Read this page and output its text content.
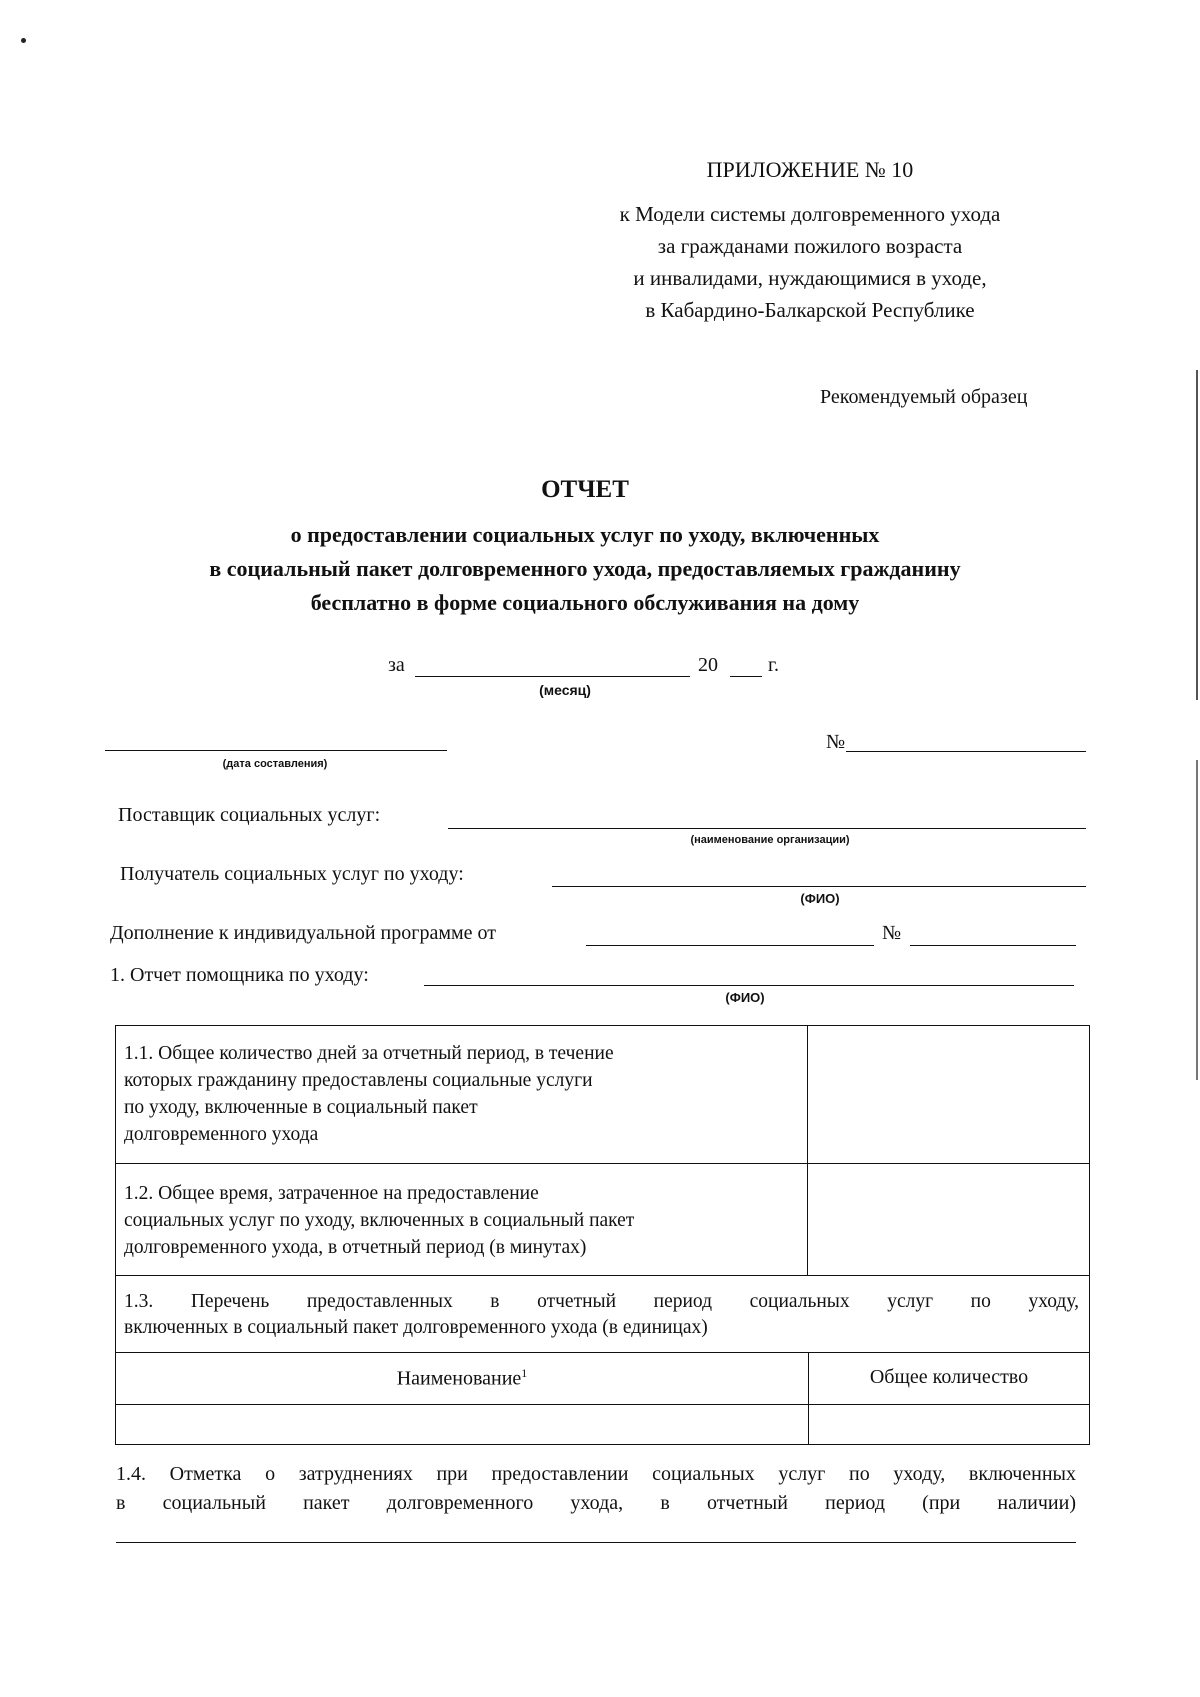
ПРИЛОЖЕНИЕ № 10
к Модели системы долговременного ухода
за гражданами пожилого возраста
и инвалидами, нуждающимися в уходе,
в Кабардино-Балкарской Республике
Рекомендуемый образец
ОТЧЕТ
о предоставлении социальных услуг по уходу, включенных
в социальный пакет долговременного ухода, предоставляемых гражданину
бесплатно в форме социального обслуживания на дому
за	20	г.
(месяц)
(дата составления)
№
Поставщик социальных услуг:
(наименование организации)
Получатель социальных услуг по уходу:
(ФИО)
Дополнение к индивидуальной программе от	№
1. Отчет помощника по уходу:
(ФИО)
1.1. Общее количество дней за отчетный период, в течение
которых гражданину предоставлены социальные услуги
по уходу, включенные в социальный пакет
долговременного ухода
1.2. Общее время, затраченное на предоставление
социальных услуг по уходу, включенных в социальный пакет
долговременного ухода, в отчетный период (в минутах)
1.3. Перечень предоставленных в отчетный период социальных услуг по уходу,
включенных в социальный пакет долговременного ухода (в единицах)
Наименование$^1$	Общее количество
1.4. Отметка о затруднениях при предоставлении социальных услуг по уходу, включенных
в социальный пакет долговременного ухода, в отчетный период (при наличии)
